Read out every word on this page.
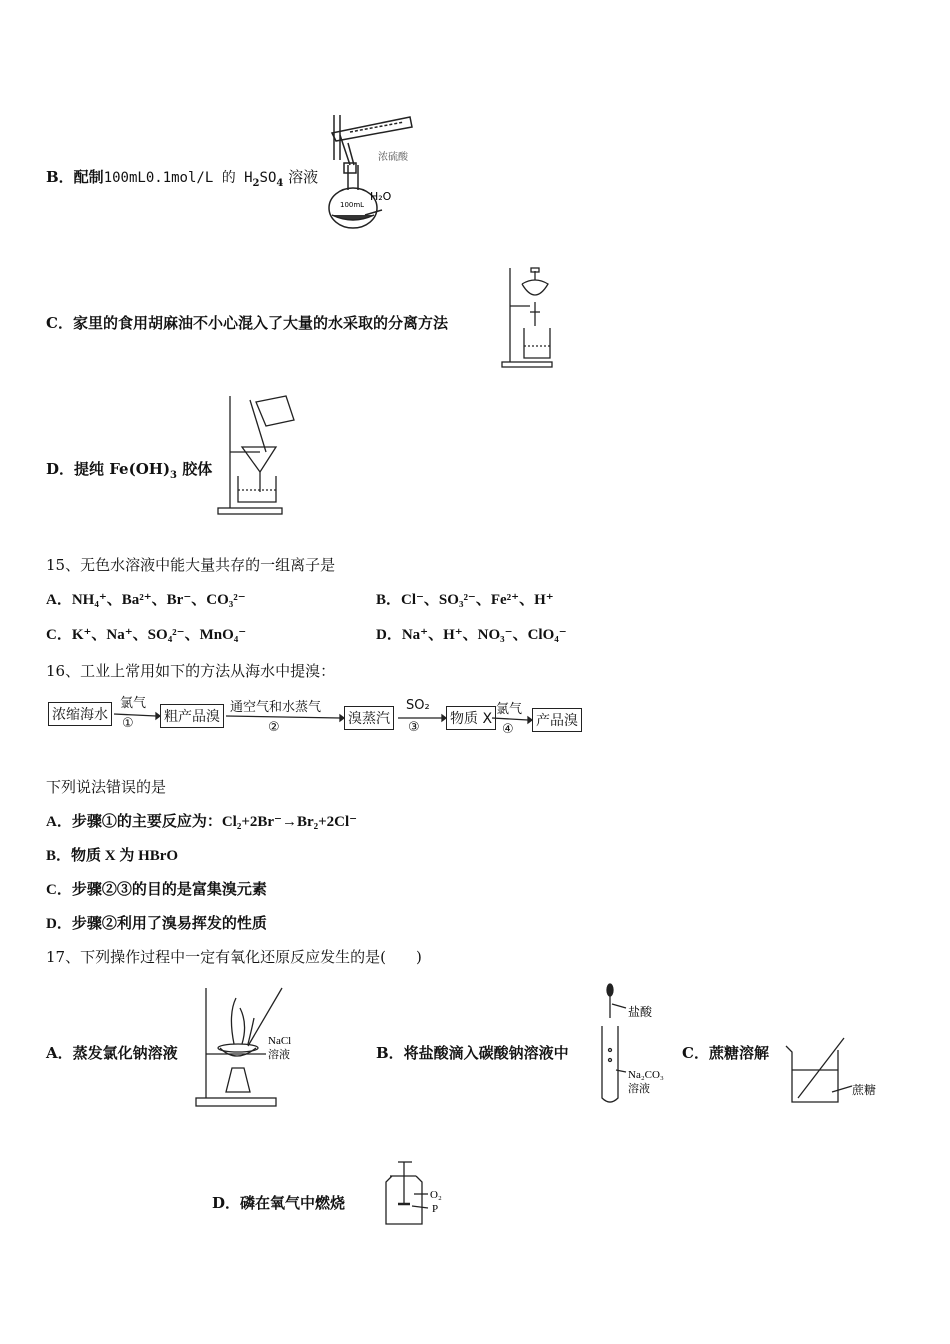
B．配制100mL0.1mol/L 的 $H_2SO_4$ 溶液
100mL
浓硫酸
H₂O
C．家里的食用胡麻油不小心混入了大量的水采取的分离方法
D．提纯 $Fe(OH)_3$ 胶体
15、无色水溶液中能大量共存的一组离子是
A．NH₄⁺、Ba²⁺、Br⁻、CO₃²⁻	B．Cl⁻、SO₃²⁻、Fe²⁺、H⁺
C．K⁺、Na⁺、SO₄²⁻、MnO₄⁻	D．Na⁺、H⁺、NO₃⁻、ClO₄⁻
16、工业上常用如下的方法从海水中提溴：
浓缩海水
氯气
① 粗产品溴
通空气和水蒸气
②
溴蒸汽
SO₂
③
物质 X
氯气
④
产品溴
下列说法错误的是
A．步骤①的主要反应为：Cl₂+2Br⁻→Br₂+2Cl⁻
B．物质 X 为 HBrO
C．步骤②③的目的是富集溴元素
D．步骤②利用了溴易挥发的性质
17、下列操作过程中一定有氧化还原反应发生的是(　　)
A．蒸发氯化钠溶液
NaCl
溶液	B．将盐酸滴入碳酸钠溶液中
盐酸
Na₂CO₃
溶液
C．蔗糖溶解
蔗糖
D．磷在氧气中燃烧	O₂
P
